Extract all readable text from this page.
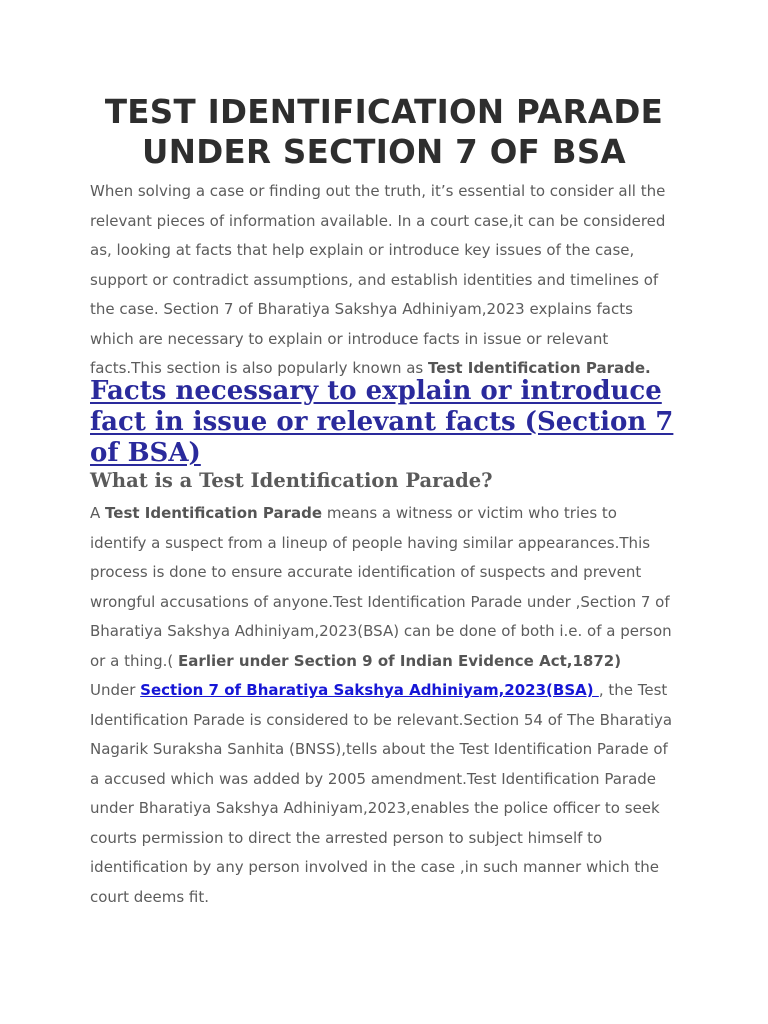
TEST IDENTIFICATION PARADE
UNDER SECTION 7 OF BSA

When solving a case or finding out the truth, it’s essential to consider all the
relevant pieces of information available. In a court case,it can be considered
as, looking at facts that help explain or introduce key issues of the case,
support or contradict assumptions, and establish identities and timelines of
the case. Section 7 of Bharatiya Sakshya Adhiniyam,2023 explains facts
which are necessary to explain or introduce facts in issue or relevant
facts.This section is also popularly known as Test Identification Parade.

Facts necessary to explain or introduce
fact in issue or relevant facts (Section 7
of BSA)
What is a Test Identification Parade?

A Test Identification Parade means a witness or victim who tries to
identify a suspect from a lineup of people having similar appearances.This
process is done to ensure accurate identification of suspects and prevent
wrongful accusations of anyone.Test Identification Parade under ,Section 7 of
Bharatiya Sakshya Adhiniyam,2023(BSA) can be done of both i.e. of a person
or a thing.( Earlier under Section 9 of Indian Evidence Act,1872)
Under Section 7 of Bharatiya Sakshya Adhiniyam,2023(BSA) , the Test
Identification Parade is considered to be relevant.Section 54 of The Bharatiya
Nagarik Suraksha Sanhita (BNSS),tells about the Test Identification Parade of
a accused which was added by 2005 amendment.Test Identification Parade
under Bharatiya Sakshya Adhiniyam,2023,enables the police officer to seek
courts permission to direct the arrested person to subject himself to
identification by any person involved in the case ,in such manner which the
court deems fit.
